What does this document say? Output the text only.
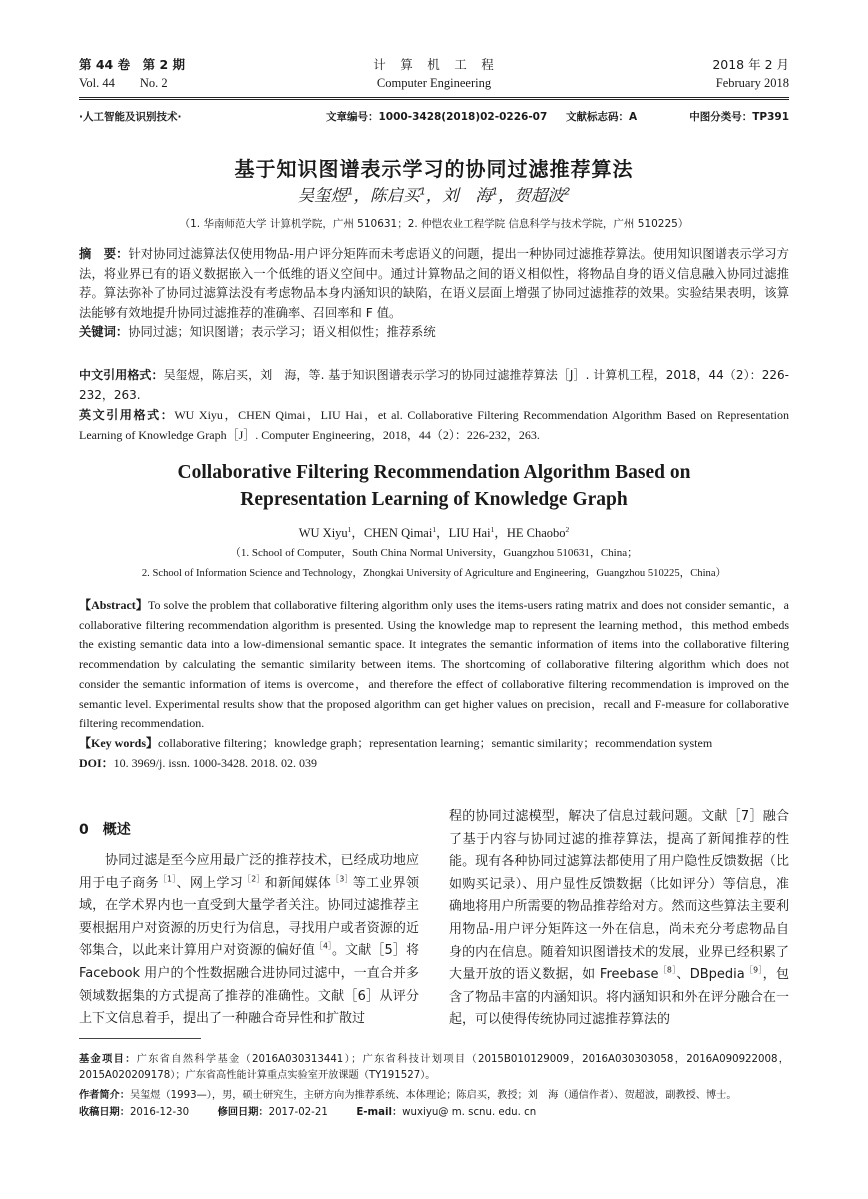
第 44 卷　第 2 期
Vol. 44　　No. 2
计　算　机　工　程
Computer Engineering
2018 年 2 月
February 2018
·人工智能及识别技术·	文章编号：1000-3428(2018)02-0226-07 文献标志码：A	中图分类号：TP391
基于知识图谱表示学习的协同过滤推荐算法
吴玺煜$^1$，陈启买$^1$，刘　海$^1$，贺超波$^2$
（1. 华南师范大学 计算机学院，广州 510631；2. 仲恺农业工程学院 信息科学与技术学院，广州 510225）
摘　要：针对协同过滤算法仅使用物品-用户评分矩阵而未考虑语义的问题，提出一种协同过滤推荐算法。使用知识图谱表示学习方法，将业界已有的语义数据嵌入一个低维的语义空间中。通过计算物品之间的语义相似性，将物品自身的语义信息融入协同过滤推荐。算法弥补了协同过滤算法没有考虑物品本身内涵知识的缺陷，在语义层面上增强了协同过滤推荐的效果。实验结果表明，该算法能够有效地提升协同过滤推荐的准确率、召回率和 F 值。
关键词：协同过滤；知识图谱；表示学习；语义相似性；推荐系统
中文引用格式：吴玺煜，陈启买，刘　海，等. 基于知识图谱表示学习的协同过滤推荐算法［J］. 计算机工程，2018，44（2）：226-232，263.
英文引用格式：WU Xiyu，CHEN Qimai，LIU Hai，et al. Collaborative Filtering Recommendation Algorithm Based on Representation Learning of Knowledge Graph［J］. Computer Engineering，2018，44（2）：226-232，263.
Collaborative Filtering Recommendation Algorithm Based on
Representation Learning of Knowledge Graph
WU Xiyu$^1$，CHEN Qimai$^1$，LIU Hai$^1$，HE Chaobo$^2$
（1. School of Computer，South China Normal University，Guangzhou 510631，China；
2. School of Information Science and Technology，Zhongkai University of Agriculture and Engineering，Guangzhou 510225，China）
【Abstract】To solve the problem that collaborative filtering algorithm only uses the items-users rating matrix and does not consider semantic，a collaborative filtering recommendation algorithm is presented. Using the knowledge map to represent the learning method，this method embeds the existing semantic data into a low-dimensional semantic space. It integrates the semantic information of items into the collaborative filtering recommendation by calculating the semantic similarity between items. The shortcoming of collaborative filtering algorithm which does not consider the semantic information of items is overcome，and therefore the effect of collaborative filtering recommendation is improved on the semantic level. Experimental results show that the proposed algorithm can get higher values on precision，recall and F-measure for collaborative filtering recommendation.
【Key words】collaborative filtering；knowledge graph；representation learning；semantic similarity；recommendation system
DOI：10. 3969/j. issn. 1000-3428. 2018. 02. 039
0　概述
协同过滤是至今应用最广泛的推荐技术，已经成功地应用于电子商务$^{[1]}$、网上学习$^{[2]}$和新闻媒体$^{[3]}$等工业界领域，在学术界内也一直受到大量学者关注。协同过滤推荐主要根据用户对资源的历史行为信息，寻找用户或者资源的近邻集合，以此来计算用户对资源的偏好值$^{[4]}$。文献［5］将 Facebook 用户的个性数据融合进协同过滤中，一直合并多领域数据集的方式提高了推荐的准确性。文献［6］从评分上下文信息着手，提出了一种融合奇异性和扩散过
程的协同过滤模型，解决了信息过载问题。文献［7］融合了基于内容与协同过滤的推荐算法，提高了新闻推荐的性能。现有各种协同过滤算法都使用了用户隐性反馈数据（比如购买记录）、用户显性反馈数据（比如评分）等信息，准确地将用户所需要的物品推荐给对方。然而这些算法主要利用物品-用户评分矩阵这一外在信息，尚未充分考虑物品自身的内在信息。随着知识图谱技术的发展，业界已经积累了大量开放的语义数据，如 Freebase$^{[8]}$、DBpedia$^{[9]}$，包含了物品丰富的内涵知识。将内涵知识和外在评分融合在一起，可以使得传统协同过滤推荐算法的
基金项目：广东省自然科学基金（2016A030313441）；广东省科技计划项目（2015B010129009，2016A030303058，2016A090922008，2015A020209178）；广东省高性能计算重点实验室开放课题（TY191527）。
作者简介：吴玺煜（1993—），男，硕士研究生，主研方向为推荐系统、本体理论；陈启买，教授；刘　海（通信作者）、贺超波，副教授、博士。
收稿日期：2016-12-30	修回日期：2017-02-21	E-mail：wuxiyu@ m. scnu. edu. cn
